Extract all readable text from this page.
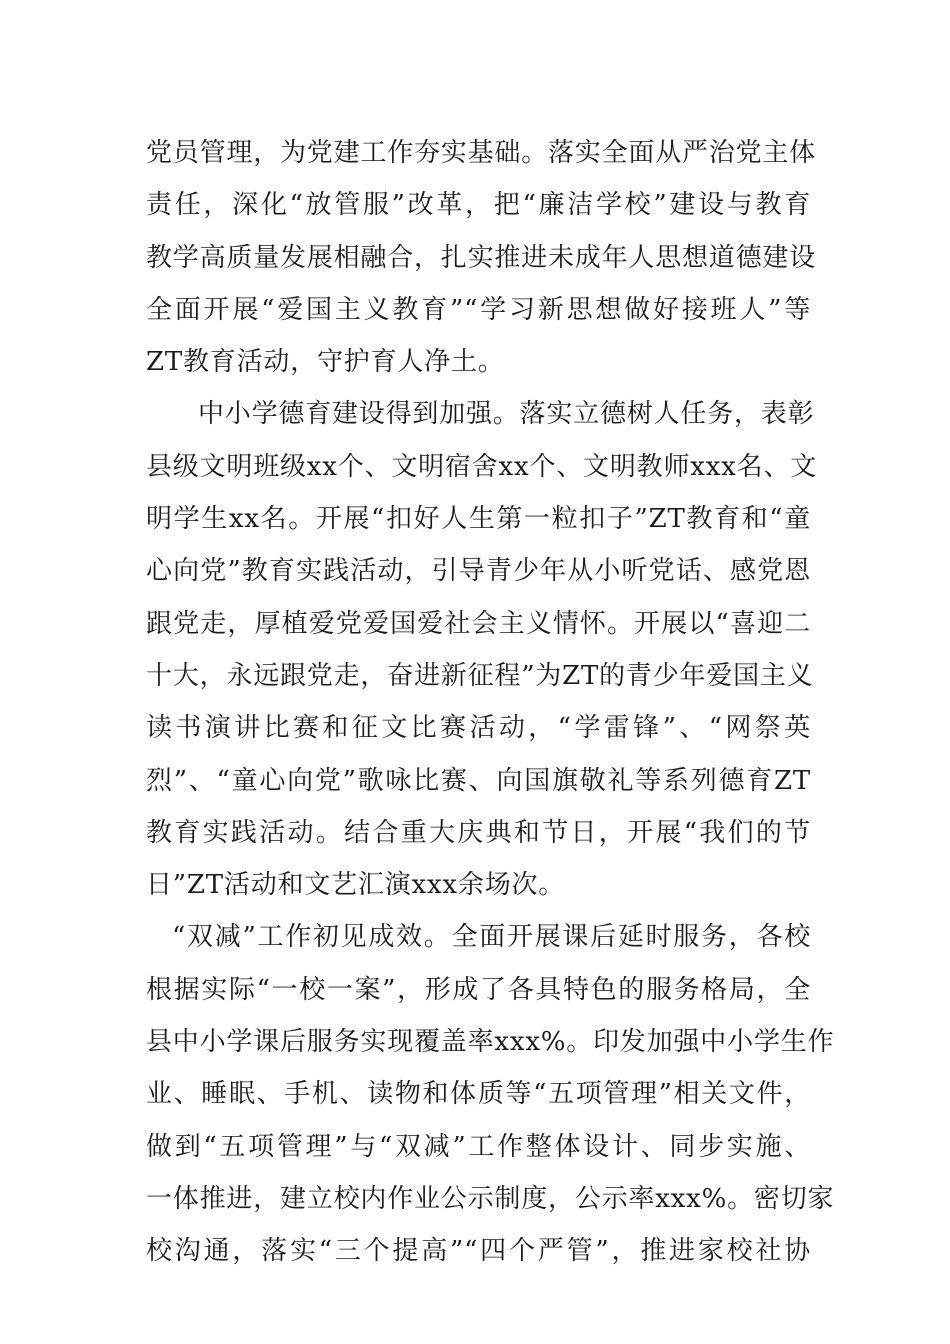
党员管理，为党建工作夯实基础。落实全面从严治党主体
责任，深化“放管服”改革，把“廉洁学校”建设与教育
教学高质量发展相融合，扎实推进未成年人思想道德建设
全面开展“爱国主义教育”“学习新思想做好接班人”等
ZT教育活动，守护育人净土。
中小学德育建设得到加强。落实立德树人任务，表彰
县级文明班级xx个、文明宿舍xx个、文明教师xxx名、文
明学生xx名。开展“扣好人生第一粒扣子”ZT教育和“童
心向党”教育实践活动，引导青少年从小听党话、感党恩
跟党走，厚植爱党爱国爱社会主义情怀。开展以“喜迎二
十大，永远跟党走，奋进新征程”为ZT的青少年爱国主义
读书演讲比赛和征文比赛活动，“学雷锋”、“网祭英
烈”、“童心向党”歌咏比赛、向国旗敬礼等系列德育ZT
教育实践活动。结合重大庆典和节日，开展“我们的节
日”ZT活动和文艺汇演xxx余场次。
“双减”工作初见成效。全面开展课后延时服务，各校
根据实际“一校一案”，形成了各具特色的服务格局，全
县中小学课后服务实现覆盖率xxx%。印发加强中小学生作
业、睡眠、手机、读物和体质等“五项管理”相关文件，
做到“五项管理”与“双减”工作整体设计、同步实施、
一体推进，建立校内作业公示制度，公示率xxx%。密切家
校沟通，落实“三个提高”“四个严管”，推进家校社协
